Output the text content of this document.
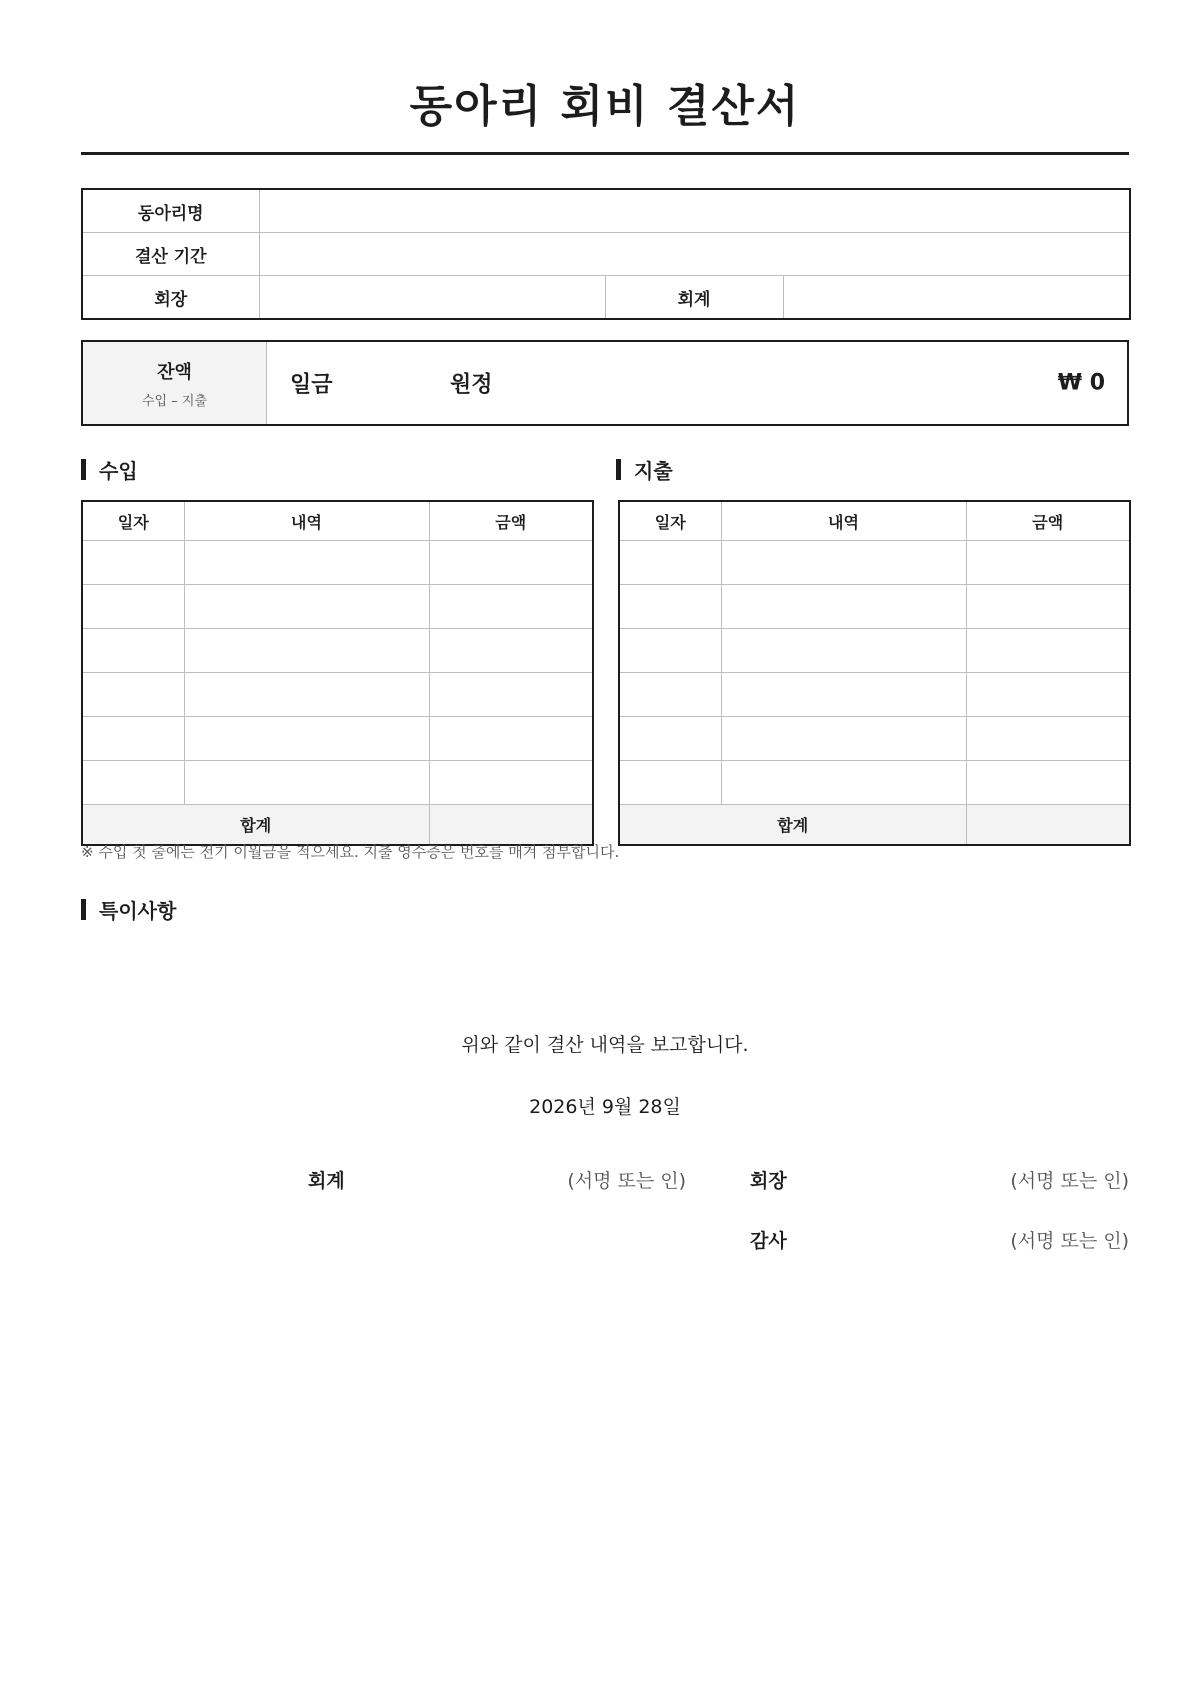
동아리 회비 결산서
동아리명			
결산 기간			
회장		회계	
잔액
수입 – 지출
일금	원정	₩ 0
수입	지출
일자	내역	금액

합계		
일자	내역	금액

합계		
※ 수입 첫 줄에는 전기 이월금을 적으세요. 지출 영수증은 번호를 매겨 첨부합니다.
특이사항
위와 같이 결산 내역을 보고합니다.
2026년 9월 28일
회계	(서명 또는 인)	회장	(서명 또는 인)
감사	(서명 또는 인)
